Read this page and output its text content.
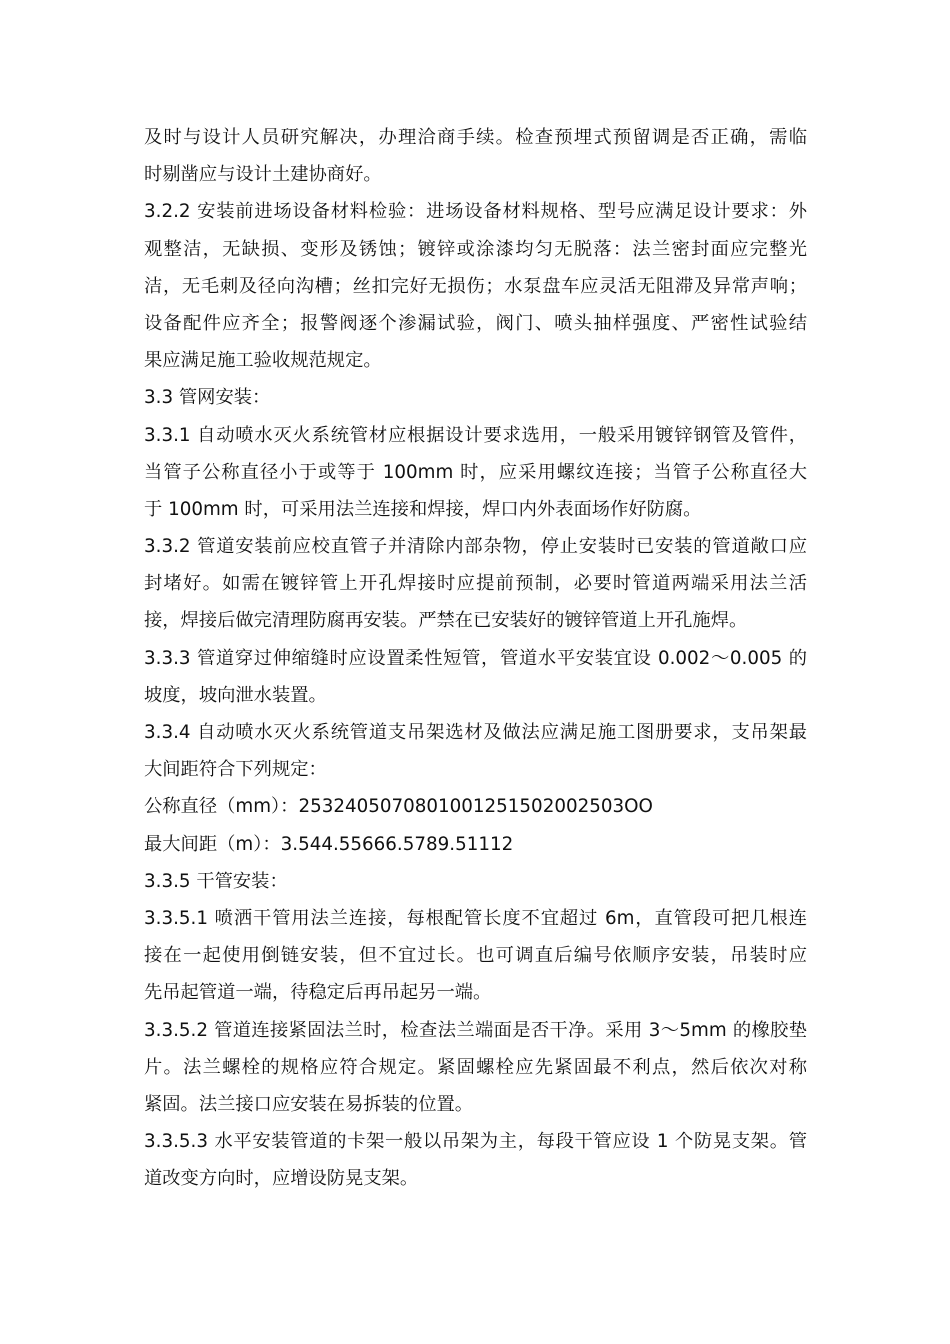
及时与设计人员研究解决，办理洽商手续。检查预埋式预留调是否正确，需临
时剔凿应与设计土建协商好。
3.2.2 安装前进场设备材料检验：进场设备材料规格、型号应满足设计要求：外
观整洁，无缺损、变形及锈蚀；镀锌或涂漆均匀无脱落：法兰密封面应完整光
洁，无毛刺及径向沟槽；丝扣完好无损伤；水泵盘车应灵活无阻滞及异常声响；
设备配件应齐全；报警阀逐个渗漏试验，阀门、喷头抽样强度、严密性试验结
果应满足施工验收规范规定。
3.3 管网安装：
3.3.1 自动喷水灭火系统管材应根据设计要求选用，一般采用镀锌钢管及管件，
当管子公称直径小于或等于 100mm 时，应采用螺纹连接；当管子公称直径大
于 100mm 时，可采用法兰连接和焊接，焊口内外表面场作好防腐。
3.3.2 管道安装前应校直管子并清除内部杂物，停止安装时已安装的管道敞口应
封堵好。如需在镀锌管上开孔焊接时应提前预制，必要时管道两端采用法兰活
接，焊接后做完清理防腐再安装。严禁在已安装好的镀锌管道上开孔施焊。
3.3.3 管道穿过伸缩缝时应设置柔性短管，管道水平安装宜设 0.002～0.005 的
坡度，坡向泄水装置。
3.3.4 自动喷水灭火系统管道支吊架选材及做法应满足施工图册要求，支吊架最
大间距符合下列规定：
公称直径（mm）：2532405070801001251502002503OO
最大间距（m）：3.544.55666.5789.51112
3.3.5 干管安装：
3.3.5.1 喷洒干管用法兰连接，每根配管长度不宜超过 6m，直管段可把几根连
接在一起使用倒链安装，但不宜过长。也可调直后编号依顺序安装，吊装时应
先吊起管道一端，待稳定后再吊起另一端。
3.3.5.2 管道连接紧固法兰时，检查法兰端面是否干净。采用 3～5mm 的橡胶垫
片。法兰螺栓的规格应符合规定。紧固螺栓应先紧固最不利点，然后依次对称
紧固。法兰接口应安装在易拆装的位置。
3.3.5.3 水平安装管道的卡架一般以吊架为主，每段干管应设 1 个防晃支架。管
道改变方向时，应增设防晃支架。
